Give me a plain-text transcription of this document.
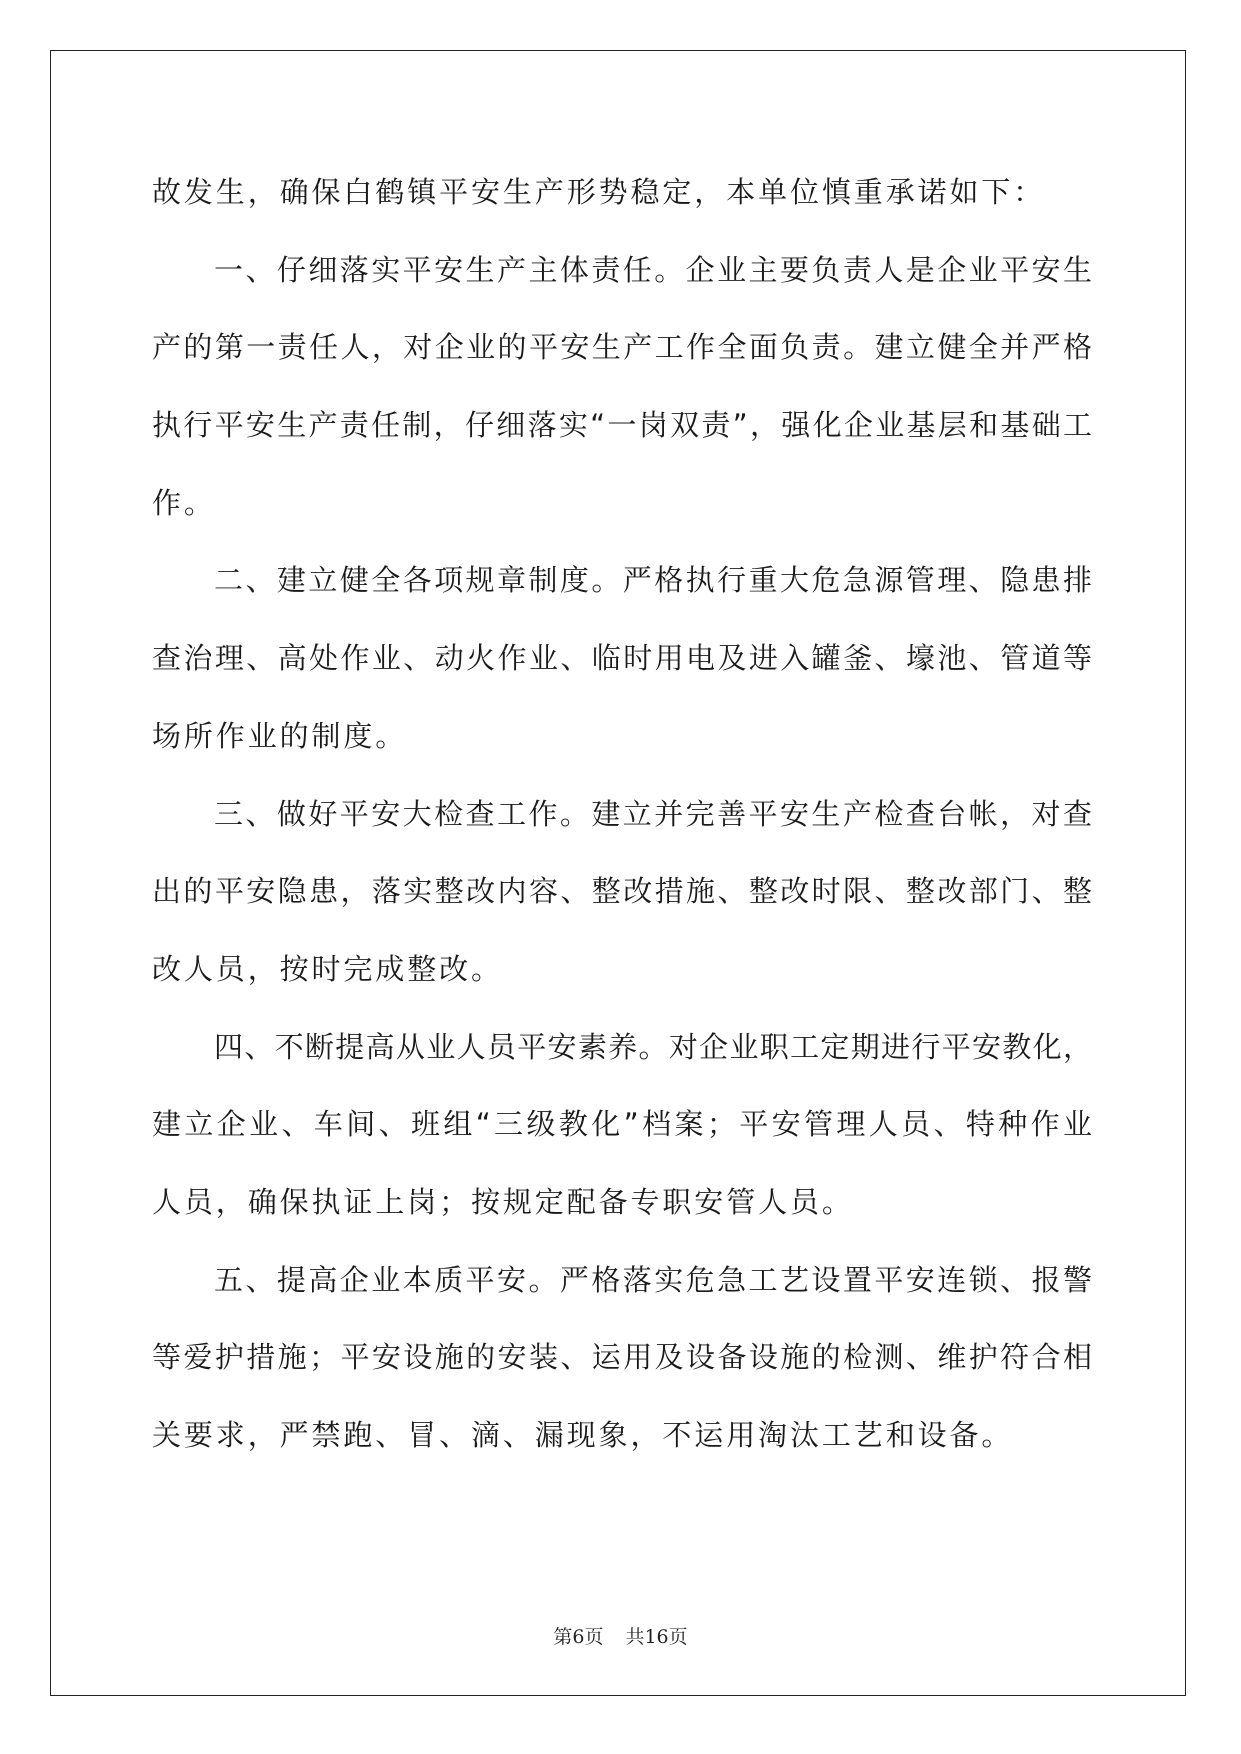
故发生，确保白鹤镇平安生产形势稳定，本单位慎重承诺如下：
一、仔细落实平安生产主体责任。企业主要负责人是企业平安生
产的第一责任人，对企业的平安生产工作全面负责。建立健全并严格
执行平安生产责任制，仔细落实“一岗双责”，强化企业基层和基础工
作。
二、建立健全各项规章制度。严格执行重大危急源管理、隐患排
查治理、高处作业、动火作业、临时用电及进入罐釜、壕池、管道等
场所作业的制度。
三、做好平安大检查工作。建立并完善平安生产检查台帐，对查
出的平安隐患，落实整改内容、整改措施、整改时限、整改部门、整
改人员，按时完成整改。
四、不断提高从业人员平安素养。对企业职工定期进行平安教化，
建立企业、车间、班组“三级教化”档案；平安管理人员、特种作业
人员，确保执证上岗；按规定配备专职安管人员。
五、提高企业本质平安。严格落实危急工艺设置平安连锁、报警
等爱护措施；平安设施的安装、运用及设备设施的检测、维护符合相
关要求，严禁跑、冒、滴、漏现象，不运用淘汰工艺和设备。
第6页 共16页
